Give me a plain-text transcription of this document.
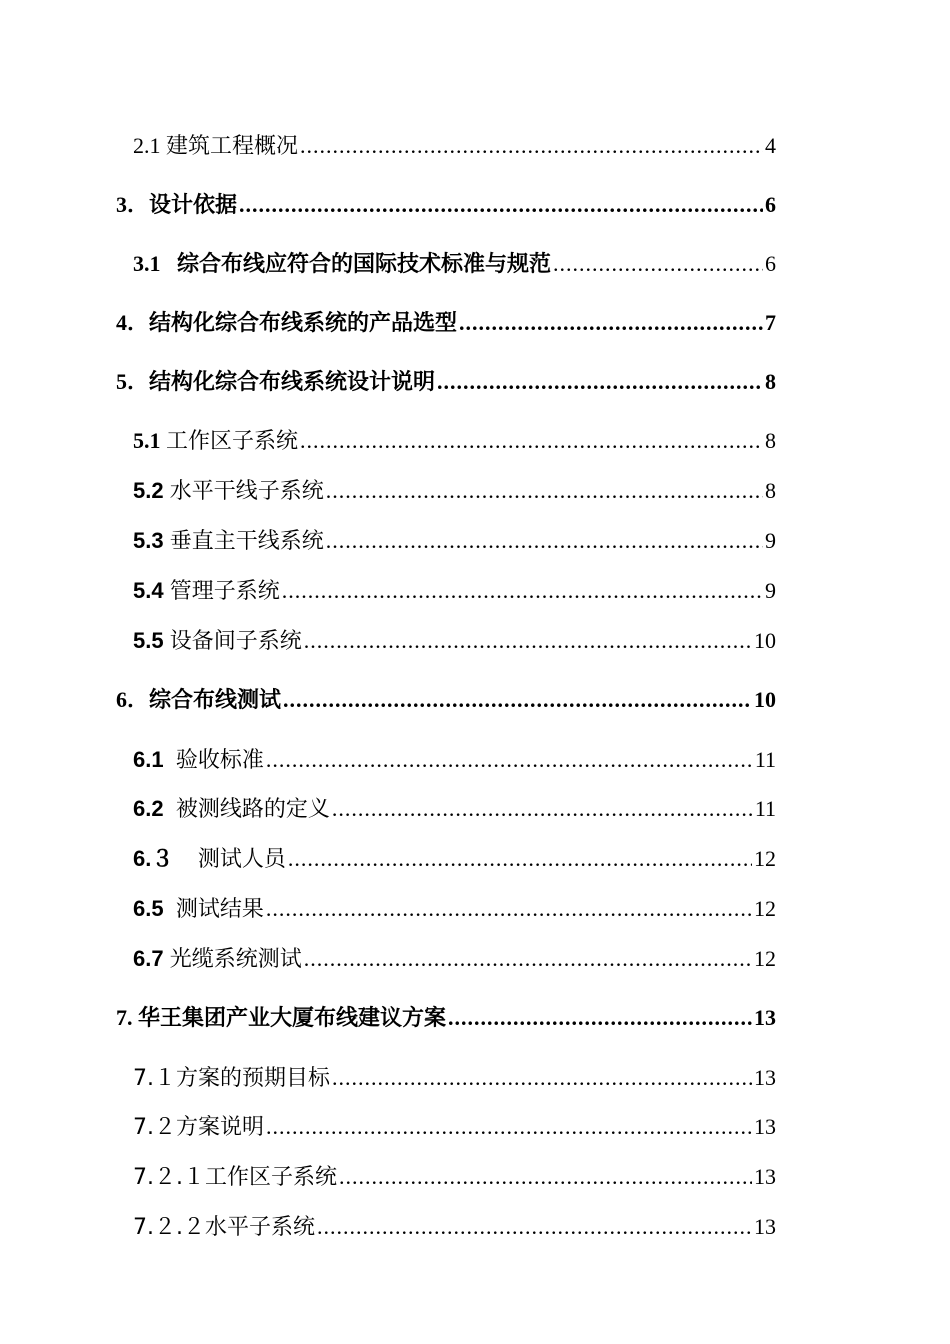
2.1 建筑工程概况 .....	4
3．设计依据 .....	6
3.1   综合布线应符合的国际技术标准与规范 .....	6
4．结构化综合布线系统的产品选型 .....	7
5．结构化综合布线系统设计说明 .....	8
5.1 工作区子系统 .....	8
5.2 水平干线子系统 .....	8
5.3 垂直主干线系统 .....	9
5.4 管理子系统 .....	9
5.5 设备间子系统 .....	10
6．综合布线测试 .....	10
6.1  验收标准 .....	11
6.2  被测线路的定义 .....	11
6.３    测试人员 .....	12
6.5  测试结果 .....	12
6.7 光缆系统测试 .....	12
7. 华王集团产业大厦布线建议方案 .....	13
7.１方案的预期目标 .....	13
7.２方案说明 .....	13
7.２.１工作区子系统 .....	13
7.２.２水平子系统 .....	13
